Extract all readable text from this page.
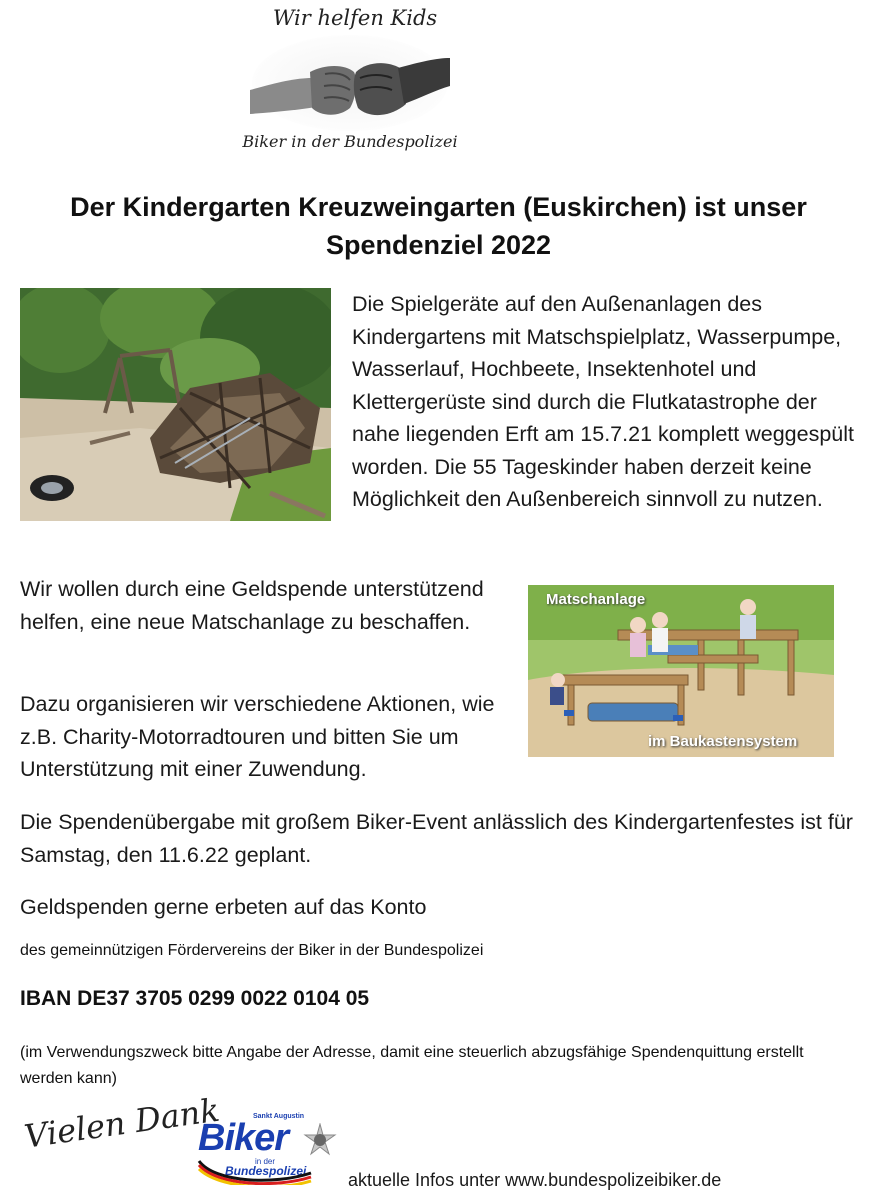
Wir helfen Kids
Biker in der Bundespolizei
Der Kindergarten Kreuzweingarten (Euskirchen) ist unser Spendenziel 2022
Die Spielgeräte auf den Außenanlagen des Kindergartens mit Matschspielplatz, Wasserpumpe, Wasserlauf, Hochbeete, Insektenhotel und Klettergerüste sind durch die Flutkatastrophe der nahe liegenden Erft am 15.7.21 komplett weggespült worden. Die 55 Tageskinder haben derzeit keine Möglichkeit den Außenbereich sinnvoll zu nutzen.
Wir wollen durch eine Geldspende unterstützend helfen, eine neue Matschanlage zu beschaffen.
Matschanlage
im Baukastensystem
Dazu organisieren wir verschiedene Aktionen, wie z.B. Charity-Motorradtouren und bitten Sie um Unterstützung mit einer Zuwendung.
Die Spendenübergabe mit großem Biker-Event anlässlich des Kindergartenfestes ist für Samstag, den 11.6.22 geplant.
Geldspenden gerne erbeten auf das Konto
des gemeinnützigen Fördervereins der Biker in der Bundespolizei
IBAN DE37 3705 0299 0022 0104 05
(im Verwendungszweck bitte Angabe der Adresse, damit eine steuerlich abzugsfähige Spendenquittung erstellt werden kann)
Vielen Dank	Sankt Augustin
Biker
in der
Bundespolizei aktuelle Infos unter www.bundespolizeibiker.de
